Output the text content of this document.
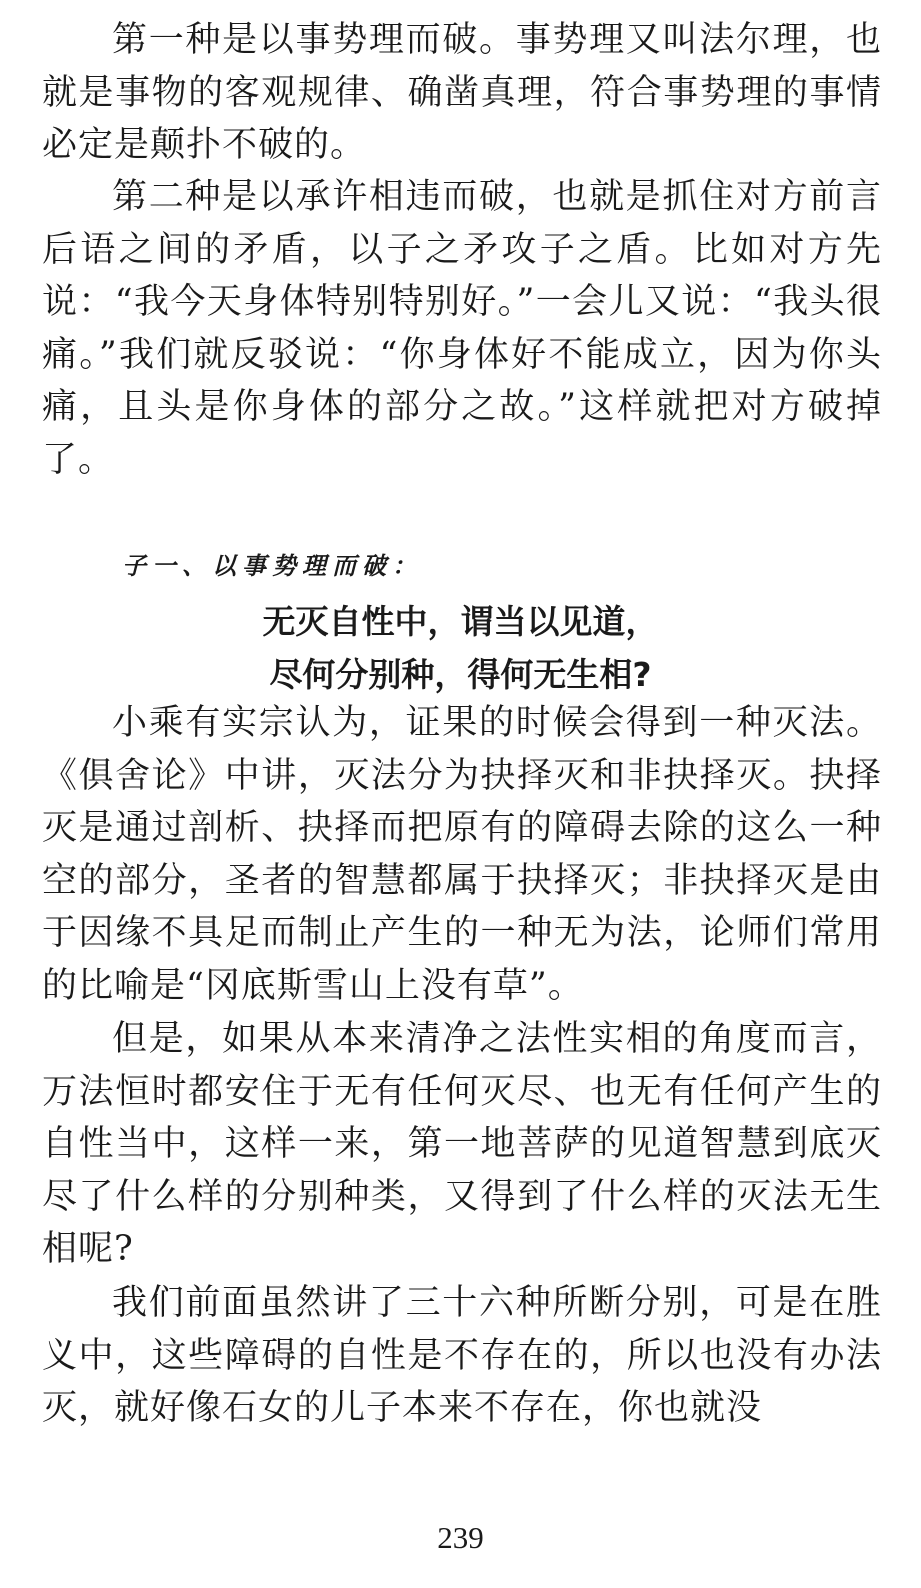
第一种是以事势理而破。事势理又叫法尔理，也就是事物的客观规律、确凿真理，符合事势理的事情必定是颠扑不破的。

第二种是以承许相违而破，也就是抓住对方前言后语之间的矛盾，以子之矛攻子之盾。比如对方先说：“我今天身体特别特别好。”一会儿又说：“我头很痛。”我们就反驳说：“你身体好不能成立，因为你头痛，且头是你身体的部分之故。”这样就把对方破掉了。

子一、以事势理而破：

无灭自性中，谓当以见道，

尽何分别种，得何无生相?

小乘有实宗认为，证果的时候会得到一种灭法。《俱舍论》中讲，灭法分为抉择灭和非抉择灭。抉择灭是通过剖析、抉择而把原有的障碍去除的这么一种空的部分，圣者的智慧都属于抉择灭；非抉择灭是由于因缘不具足而制止产生的一种无为法，论师们常用的比喻是“冈底斯雪山上没有草”。

但是，如果从本来清净之法性实相的角度而言，万法恒时都安住于无有任何灭尽、也无有任何产生的自性当中，这样一来，第一地菩萨的见道智慧到底灭尽了什么样的分别种类，又得到了什么样的灭法无生相呢?

我们前面虽然讲了三十六种所断分别，可是在胜义中，这些障碍的自性是不存在的，所以也没有办法灭，就好像石女的儿子本来不存在，你也就没

239
